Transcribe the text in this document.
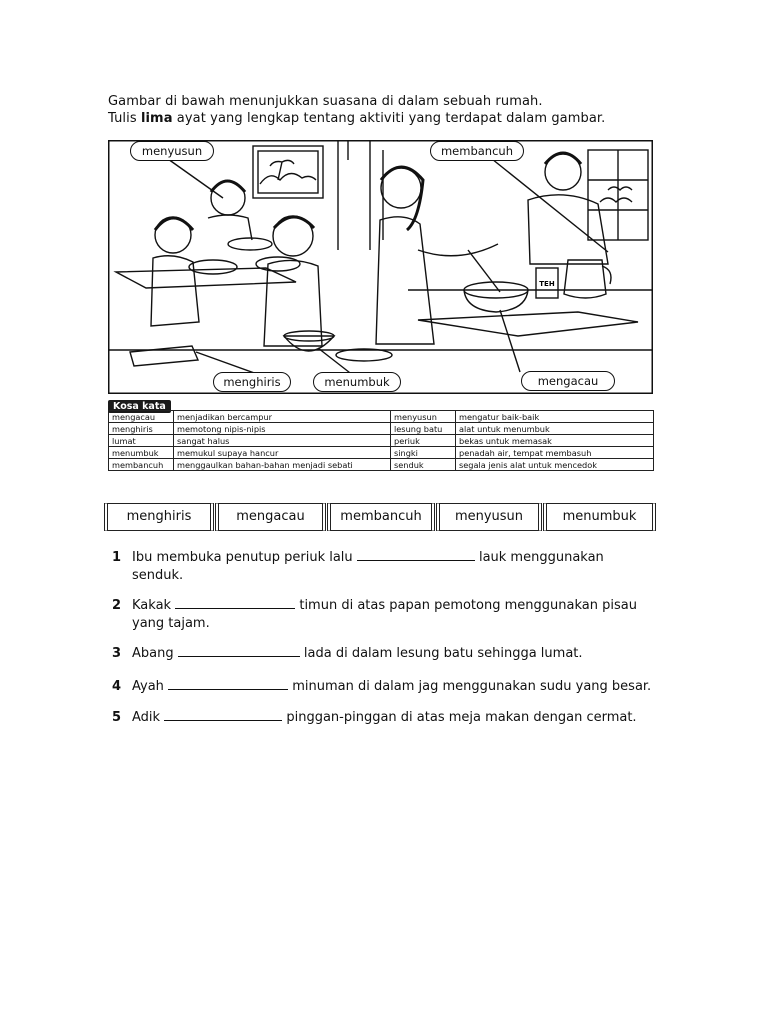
Gambar di bawah menunjukkan suasana di dalam sebuah rumah.
Tulis lima ayat yang lengkap tentang aktiviti yang terdapat dalam gambar.
TEH
menyusun	membancuh
menghiris	menumbuk	mengacau
Kosa kata
mengacau	menjadikan bercampur	menyusun	mengatur baik-baik
menghiris	memotong nipis-nipis	lesung batu	alat untuk menumbuk
lumat	sangat halus	periuk	bekas untuk memasak
menumbuk	memukul supaya hancur	singki	penadah air, tempat membasuh
membancuh	menggaulkan bahan-bahan menjadi sebati	senduk	segala jenis alat untuk mencedok
menghiris	mengacau	membancuh	menyusun	menumbuk
1 Ibu membuka penutup periuk lalu	lauk menggunakan
senduk.
2 Kakak	timun di atas papan pemotong menggunakan pisau
yang tajam.
3 Abang	lada di dalam lesung batu sehingga lumat.
4 Ayah	minuman di dalam jag menggunakan sudu yang besar.
5 Adik	pinggan-pinggan di atas meja makan dengan cermat.
